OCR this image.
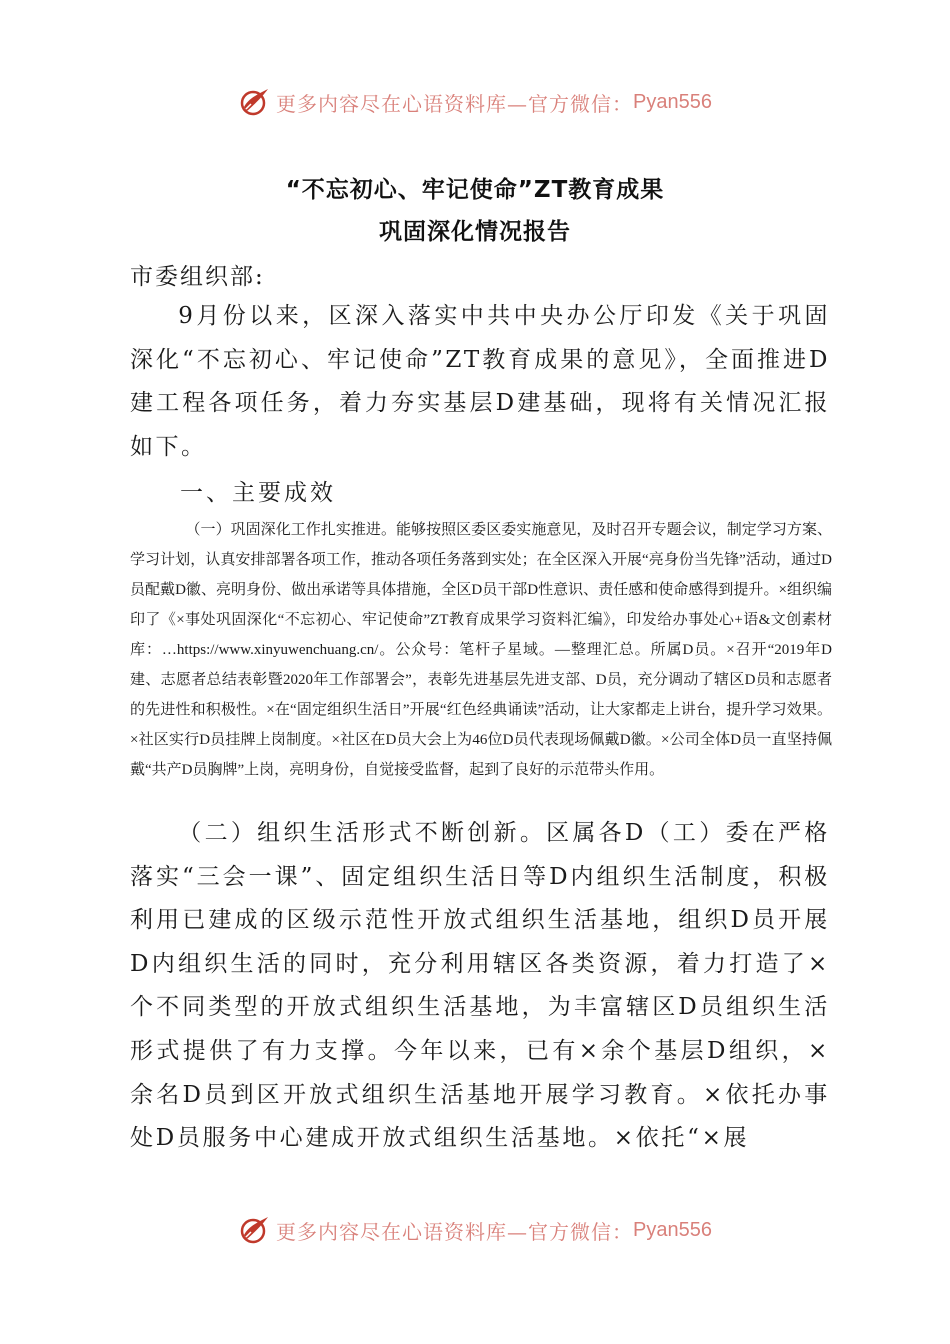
更多内容尽在心语资料库—官方微信： Pyan556
“不忘初心、牢记使命”ZT教育成果
巩固深化情况报告
市委组织部:

9月份以来，区深入落实中共中央办公厅印发《关于巩固深化“不忘初心、牢记使命”ZT教育成果的意见》，全面推进D建工程各项任务，着力夯实基层D建基础，现将有关情况汇报如下。

一、主要成效

（一）巩固深化工作扎实推进。能够按照区委区委实施意见，及时召开专题会议，制定学习方案、学习计划，认真安排部署各项工作，推动各项任务落到实处；在全区深入开展“亮身份当先锋”活动，通过D员配戴D徽、亮明身份、做出承诺等具体措施，全区D员干部D性意识、责任感和使命感得到提升。×组织编印了《×事处巩固深化“不忘初心、牢记使命”ZT教育成果学习资料汇编》，印发给办事处心+语&文创素材库：…https://www.xinyuwenchuang.cn/。公众号：笔杆子星域。—整理汇总。所属D员。×召开“2019年D建、志愿者总结表彰暨2020年工作部署会”，表彰先进基层先进支部、D员，充分调动了辖区D员和志愿者的先进性和积极性。×在“固定组织生活日”开展“红色经典诵读”活动，让大家都走上讲台，提升学习效果。×社区实行D员挂牌上岗制度。×社区在D员大会上为46位D员代表现场佩戴D徽。×公司全体D员一直坚持佩戴“共产D员胸牌”上岗，亮明身份，自觉接受监督，起到了良好的示范带头作用。

（二）组织生活形式不断创新。区属各D（工）委在严格落实“三会一课”、固定组织生活日等D内组织生活制度，积极利用已建成的区级示范性开放式组织生活基地，组织D员开展D内组织生活的同时，充分利用辖区各类资源，着力打造了×个不同类型的开放式组织生活基地，为丰富辖区D员组织生活形式提供了有力支撑。今年以来，已有×余个基层D组织，×余名D员到区开放式组织生活基地开展学习教育。×依托办事处D员服务中心建成开放式组织生活基地。×依托“×展

更多内容尽在心语资料库—官方微信： Pyan556
